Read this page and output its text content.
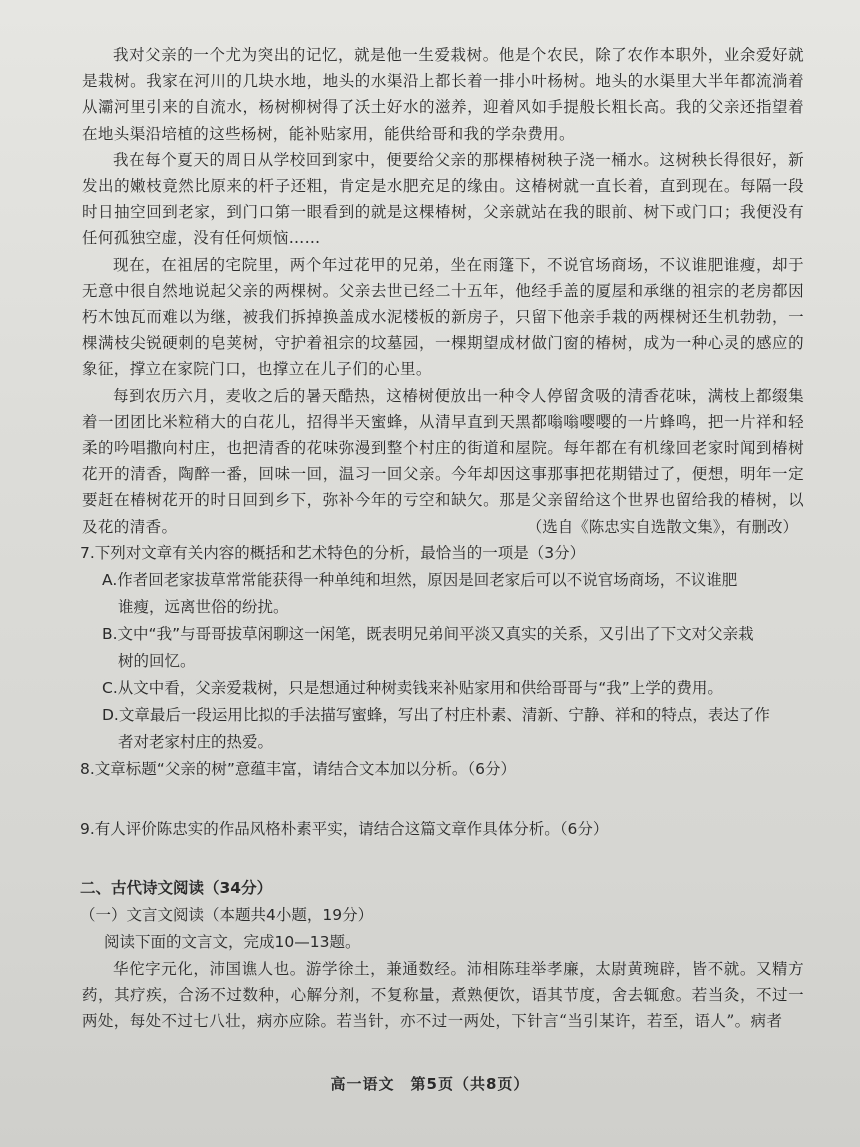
我对父亲的一个尤为突出的记忆，就是他一生爱栽树。他是个农民，除了农作本职外，业余爱好就是栽树。我家在河川的几块水地，地头的水渠沿上都长着一排小叶杨树。地头的水渠里大半年都流淌着从灞河里引来的自流水，杨树柳树得了沃土好水的滋养，迎着风如手提般长粗长高。我的父亲还指望着在地头渠沿培植的这些杨树，能补贴家用，能供给哥和我的学杂费用。

我在每个夏天的周日从学校回到家中，便要给父亲的那棵椿树秧子浇一桶水。这树秧长得很好，新发出的嫩枝竟然比原来的杆子还粗，肯定是水肥充足的缘由。这椿树就一直长着，直到现在。每隔一段时日抽空回到老家，到门口第一眼看到的就是这棵椿树，父亲就站在我的眼前、树下或门口；我便没有任何孤独空虚，没有任何烦恼……

现在，在祖居的宅院里，两个年过花甲的兄弟，坐在雨篷下，不说官场商场，不议谁肥谁瘦，却于无意中很自然地说起父亲的两棵树。父亲去世已经二十五年，他经手盖的厦屋和承继的祖宗的老房都因朽木蚀瓦而难以为继，被我们拆掉换盖成水泥楼板的新房子，只留下他亲手栽的两棵树还生机勃勃，一棵满枝尖锐硬刺的皂荚树，守护着祖宗的坟墓园，一棵期望成材做门窗的椿树，成为一种心灵的感应的象征，撑立在家院门口，也撑立在儿子们的心里。

每到农历六月，麦收之后的暑天酷热，这椿树便放出一种令人停留贪吸的清香花味，满枝上都缀集着一团团比米粒稍大的白花儿，招得半天蜜蜂，从清早直到天黑都嗡嗡嘤嘤的一片蜂鸣，把一片祥和轻柔的吟唱撒向村庄，也把清香的花味弥漫到整个村庄的街道和屋院。每年都在有机缘回老家时闻到椿树花开的清香，陶醉一番，回味一回，温习一回父亲。今年却因这事那事把花期错过了，便想，明年一定要赶在椿树花开的时日回到乡下，弥补今年的亏空和缺欠。那是父亲留给这个世界也留给我的椿树，以及花的清香。	（选自《陈忠实自选散文集》，有删改）

7.下列对文章有关内容的概括和艺术特色的分析，最恰当的一项是（3分）

A.作者回老家拔草常常能获得一种单纯和坦然，原因是回老家后可以不说官场商场，不议谁肥
谁瘦，远离世俗的纷扰。

B.文中“我”与哥哥拔草闲聊这一闲笔，既表明兄弟间平淡又真实的关系，又引出了下文对父亲栽
树的回忆。

C.从文中看，父亲爱栽树，只是想通过种树卖钱来补贴家用和供给哥哥与“我”上学的费用。

D.文章最后一段运用比拟的手法描写蜜蜂，写出了村庄朴素、清新、宁静、祥和的特点，表达了作
者对老家村庄的热爱。

8.文章标题“父亲的树”意蕴丰富，请结合文本加以分析。（6分）

9.有人评价陈忠实的作品风格朴素平实，请结合这篇文章作具体分析。（6分）

二、古代诗文阅读（34分）

（一）文言文阅读（本题共4小题，19分）

阅读下面的文言文，完成10—13题。

华佗字元化，沛国谯人也。游学徐土，兼通数经。沛相陈珪举孝廉，太尉黄琬辟，皆不就。又精方药，其疗疾，合汤不过数种，心解分剂，不复称量，煮熟便饮，语其节度，舍去辄愈。若当灸，不过一两处，每处不过七八壮，病亦应除。若当针，亦不过一两处，下针言“当引某许，若至，语人”。病者

高一语文　第5页（共8页）
